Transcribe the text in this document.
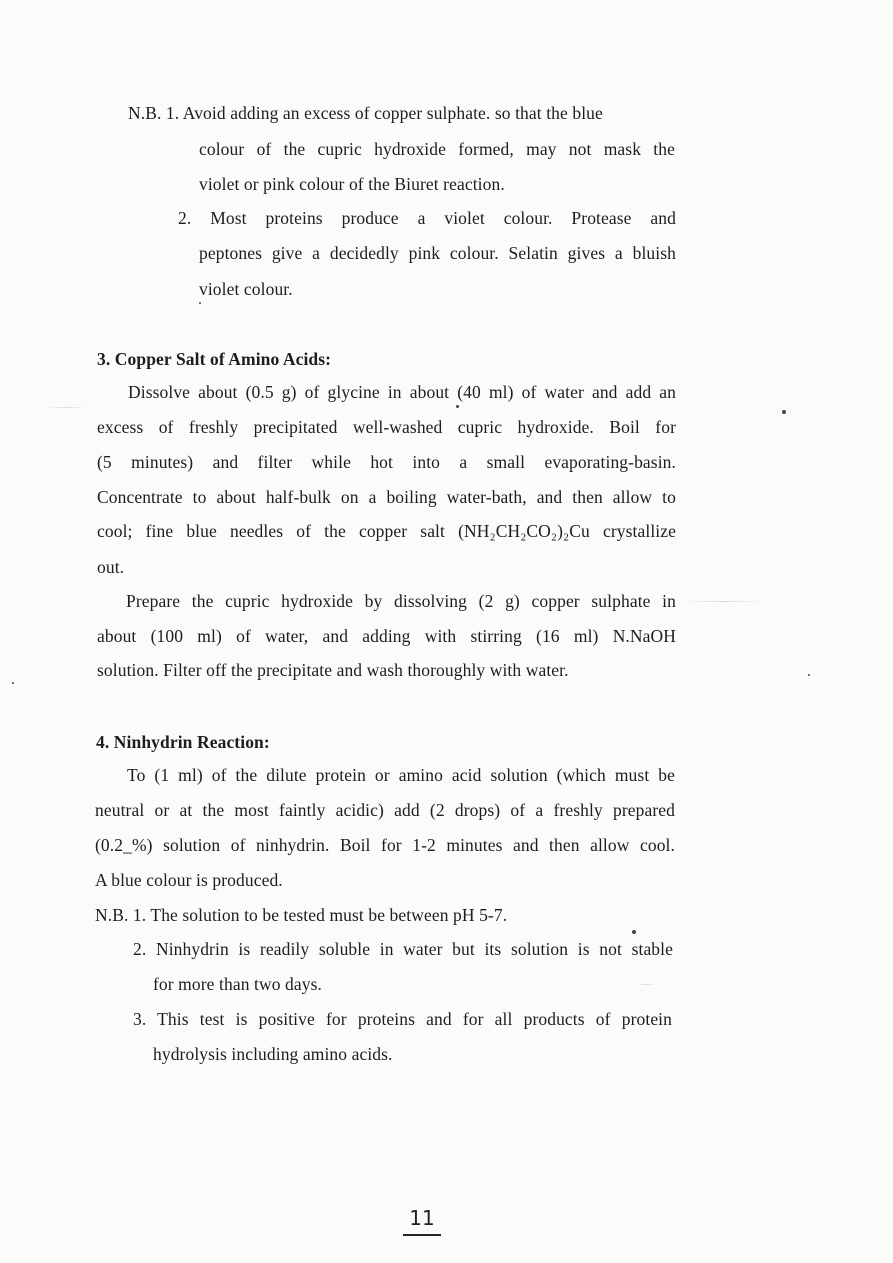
N.B. 1. Avoid adding an excess of copper sulphate. so that the blue
colour of the cupric hydroxide formed, may not mask the
violet or pink colour of the Biuret reaction.
2. Most proteins produce a violet colour. Protease and
peptones give a decidedly pink colour. Selatin gives a bluish
violet colour.
3. Copper Salt of Amino Acids:
Dissolve about (0.5 g) of glycine in about (40 ml) of water and add an
excess of freshly precipitated well-washed cupric hydroxide. Boil for
(5 minutes) and filter while hot into a small evaporating-basin.
Concentrate to about half-bulk on a boiling water-bath, and then allow to
cool; fine blue needles of the copper salt (NH₂CH₂CO₂)₂Cu crystallize
out.
Prepare the cupric hydroxide by dissolving (2 g) copper sulphate in
about (100 ml) of water, and adding with stirring (16 ml) N.NaOH
solution. Filter off the precipitate and wash thoroughly with water.
4. Ninhydrin Reaction:
To (1 ml) of the dilute protein or amino acid solution (which must be
neutral or at the most faintly acidic) add (2 drops) of a freshly prepared
(0.2_%) solution of ninhydrin. Boil for 1-2 minutes and then allow cool.
A blue colour is produced.
N.B. 1. The solution to be tested must be between pH 5-7.
2. Ninhydrin is readily soluble in water but its solution is not stable
for more than two days.
3. This test is positive for proteins and for all products of protein
hydrolysis including amino acids.
11
